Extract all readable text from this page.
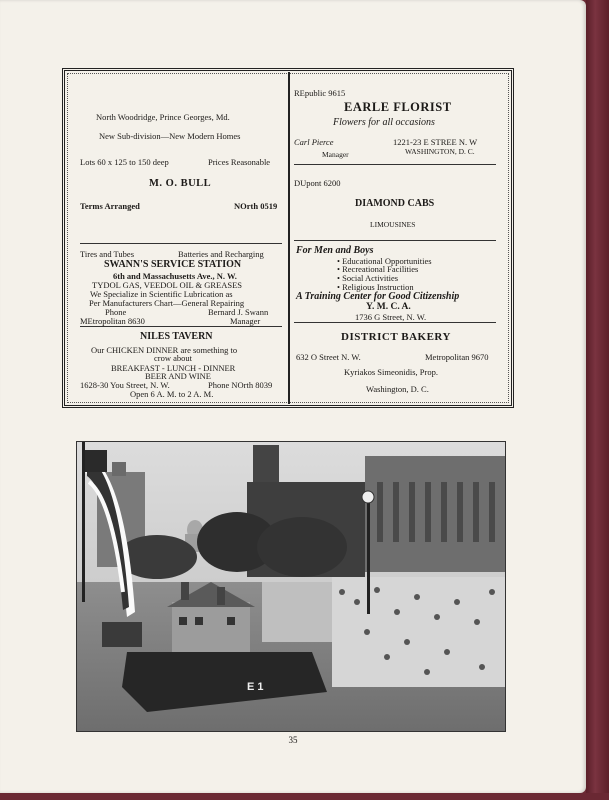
North Woodridge, Prince Georges, Md.
New Sub-division—New Modern Homes
Lots 60 x 125 to 150 deep	Prices Reasonable
M. O. BULL
Terms Arranged	NOrth 0519
Tires and Tubes	Batteries and Recharging
SWANN'S SERVICE STATION
6th and Massachusetts Ave., N. W.
TYDOL GAS, VEEDOL OIL & GREASES
We Specialize in Scientific Lubrication as
Per Manufacturers Chart—General Repairing
Phone	Bernard J. Swann
MEtropolitan 8630	Manager
NILES TAVERN
Our CHICKEN DINNER are something to
crow about
BREAKFAST - LUNCH - DINNER
BEER AND WINE
1628-30 You Street, N. W.	Phone NOrth 8039
Open 6 A. M. to 2 A. M.
REpublic 9615
EARLE FLORIST
Flowers for all occasions
Carl Pierce
Manager
1221-23 E STREE N. W
WASHINGTON, D. C.
DUpont 6200
DIAMOND CABS
LIMOUSINES
For Men and Boys
• Educational Opportunities
• Recreational Facilities
• Social Activities
• Religious Instruction
A Training Center for Good Citizenship
Y. M. C. A.
1736 G Street, N. W.
DISTRICT BAKERY
632 O Street N. W.	Metropolitan 9670
Kyriakos Simeonidis, Prop.
Washington, D. C.
E 1
35
